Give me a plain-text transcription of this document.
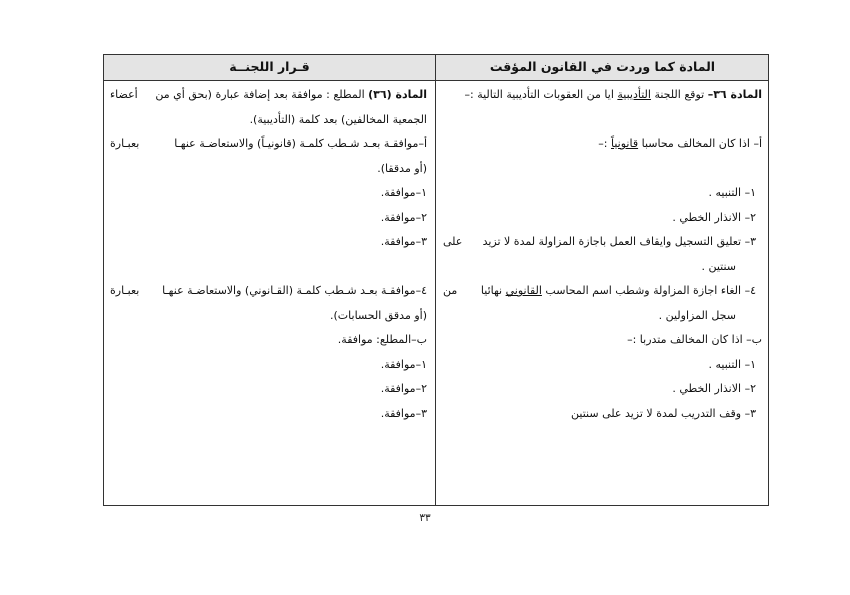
المادة كما وردت في القانون المؤقت
قـرار اللجنــة
المادة ٣٦– توقع اللجنة التأديبية ايا من العقوبات التأديبية التالية :–
أ– اذا كان المخالف محاسبا قانونياً :–
١– التنبيه .
٢– الانذار الخطي .
٣– تعليق التسجيل وايقاف العمل باجازة المزاولة لمدة لا تزيد
على
سنتين .
٤– الغاء اجازة المزاولة وشطب اسم المحاسب القانوني نهائيا
من
سجل المزاولين .
ب– اذا كان المخالف متدربا :–
١– التنبيه .
٢– الانذار الخطي .
٣– وقف التدريب لمدة لا تزيد على سنتين
المادة (٣٦) المطلع : موافقة بعد إضافة عبارة (بحق أي من
أعضاء
الجمعية المخالفين) بعد كلمة (التأديبية).
أ–موافقـة بعـد شـطب كلمـة (قانونيـاً) والاستعاضـة عنهـا
بعبـارة
(أو مدققا).
١–موافقة.
٢–موافقة.
٣–موافقة.
٤–موافقـة بعـد شـطب كلمـة (القـانوني) والاستعاضـة عنهـا
بعبـارة
(أو مدقق الحسابات).
ب–المطلع: موافقة.
١–موافقة.
٢–موافقة.
٣–موافقة.
٣٣
